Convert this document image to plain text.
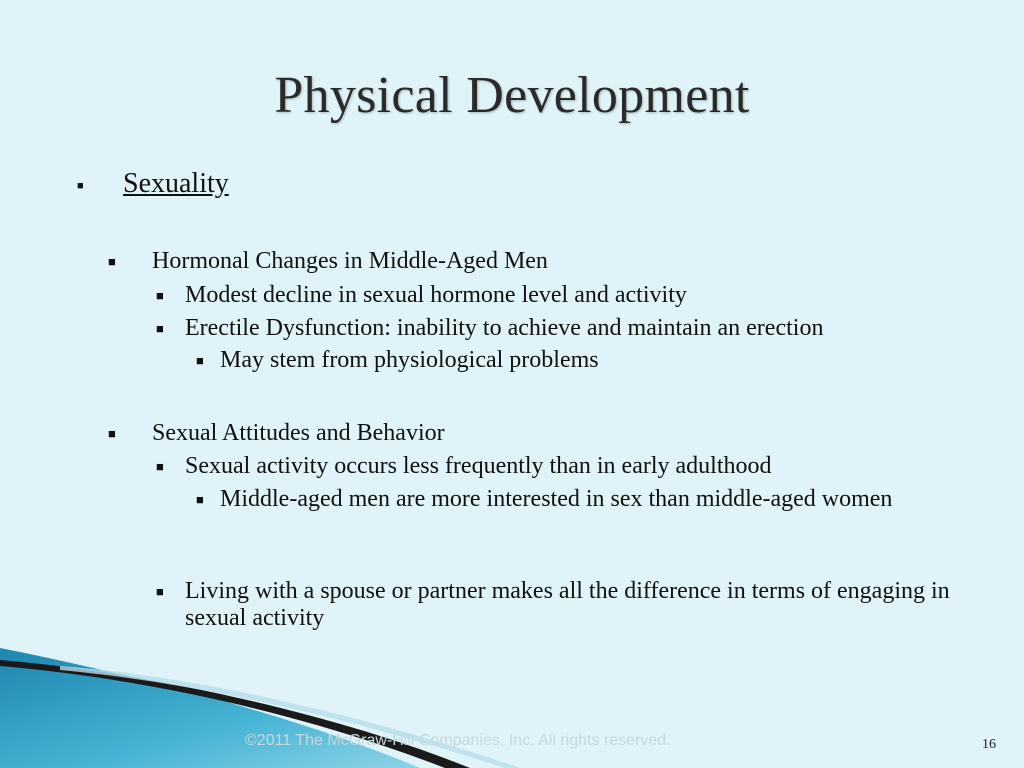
Physical Development
■ Sexuality
■ Hormonal Changes in Middle-Aged Men
■ Modest decline in sexual hormone level and activity
■ Erectile Dysfunction: inability to achieve and maintain an erection
■ May stem from physiological problems
■ Sexual Attitudes and Behavior
■ Sexual activity occurs less frequently than in early adulthood
■ Middle-aged men are more interested in sex than middle-aged women
■ Living with a spouse or partner makes all the difference in terms of engaging in sexual activity
©2011 The McGraw-Hill Companies, Inc. All rights reserved.	16
